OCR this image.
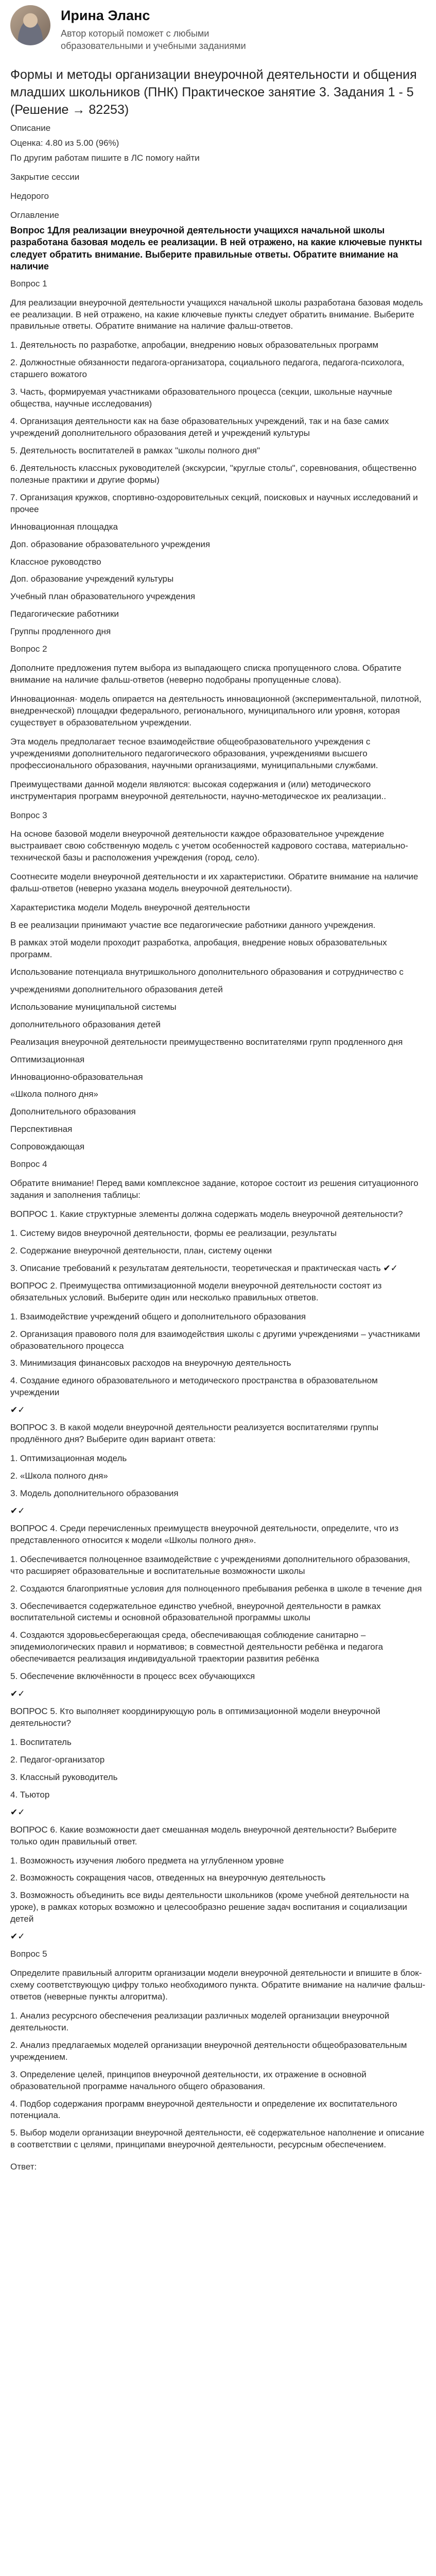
Ирина Эланс
Автор который поможет с любыми образовательными и учебными заданиями
Формы и методы организации внеурочной деятельности и общения младших школьников (ПНК) Практическое занятие 3. Задания 1 - 5 (Решение → 82253)

Описание

Оценка: 4.80 из 5.00 (96%)

По другим работам пишите в ЛС помогу найти

Закрытие сессии

Недорого

Оглавление

Вопрос 1Для реализации внеурочной деятельности учащихся начальной школы разработана базовая модель ее реализации. В ней отражено, на какие ключевые пункты следует обратить внимание. Выберите правильные ответы. Обратите внимание на наличие

Вопрос 1

Для реализации внеурочной деятельности учащихся начальной школы разработана базовая модель ее реализации. В ней отражено, на какие ключевые пункты следует обратить внимание. Выберите правильные ответы. Обратите внимание на наличие фальш-ответов.

1. Деятельность по разработке, апробации, внедрению новых образовательных программ

2. Должностные обязанности педагога-организатора, социального педагога, педагога-психолога, старшего вожатого

3. Часть, формируемая участниками образовательного процесса (секции, школьные научные общества, научные исследования)

4. Организация деятельности как на базе образовательных учреждений, так и на базе самих учреждений дополнительного образования детей и учреждений культуры

5. Деятельность воспитателей в рамках "школы полного дня"

6. Деятельность классных руководителей (экскурсии, "круглые столы", соревнования, общественно полезные практики и другие формы)

7. Организация кружков, спортивно-оздоровительных секций, поисковых и научных исследований и прочее

Инновационная площадка

Доп. образование образовательного учреждения

Классное руководство

Доп. образование учреждений культуры

Учебный план образовательного учреждения

Педагогические работники

Группы продленного дня

Вопрос 2

Дополните предложения путем выбора из выпадающего списка пропущенного слова. Обратите внимание на наличие фальш-ответов (неверно подобраны пропущенные слова).

Инновационная· модель опирается на деятельность инновационной (экспериментальной, пилотной, внедренческой) площадки федерального, регионального, муниципального или уровня, которая существует в образовательном учреждении.

Эта модель предполагает тесное взаимодействие общеобразовательного учреждения с учреждениями дополнительного педагогического образования, учреждениями высшего профессионального образования, научными организациями, муниципальными службами.

Преимуществами данной модели являются: высокая содержания и (или) методического инструментария программ внеурочной деятельности, научно-методическое их реализации..

Вопрос 3

На основе базовой модели внеурочной деятельности каждое образовательное учреждение выстраивает свою собственную модель с учетом особенностей кадрового состава, материально-технической базы и расположения учреждения (город, село).

Соотнесите модели внеурочной деятельности и их характеристики. Обратите внимание на наличие фальш-ответов (неверно указана модель внеурочной деятельности).

Характеристика модели Модель внеурочной деятельности

В ее реализации принимают участие все педагогические работники данного учреждения.

В рамках этой модели проходит разработка, апробация, внедрение новых образовательных программ.

Использование потенциала внутришкольного дополнительного образования и сотрудничество с

учреждениями дополнительного образования детей

Использование муниципальной системы

дополнительного образования детей

Реализация внеурочной деятельности преимущественно воспитателями групп продленного дня

Оптимизационная

Инновационно-образовательная

«Школа полного дня»

Дополнительного образования

Перспективная

Сопровождающая

Вопрос 4

Обратите внимание! Перед вами комплексное задание, которое состоит из решения ситуационного задания и заполнения таблицы:

ВОПРОС 1. Какие структурные элементы должна содержать модель внеурочной деятельности?

1. Систему видов внеурочной деятельности, формы ее реализации, результаты

2. Содержание внеурочной деятельности, план, систему оценки

3. Описание требований к результатам деятельности, теоретическая и практическая часть ✔✓

ВОПРОС 2. Преимущества оптимизационной модели внеурочной деятельности состоят из обязательных условий. Выберите один или несколько правильных ответов.

1. Взаимодействие учреждений общего и дополнительного образования

2. Организация правового поля для взаимодействия школы с другими учреждениями – участниками образовательного процесса

3. Минимизация финансовых расходов на внеурочную деятельность

4. Создание единого образовательного и методического пространства в образовательном учреждении

✔✓

ВОПРОС 3. В какой модели внеурочной деятельности реализуется воспитателями группы продлённого дня? Выберите один вариант ответа:

1. Оптимизационная модель

2. «Школа полного дня»

3. Модель дополнительного образования

✔✓

ВОПРОС 4. Среди перечисленных преимуществ внеурочной деятельности, определите, что из представленного относится к модели «Школы полного дня».

1. Обеспечивается полноценное взаимодействие с учреждениями дополнительного образования, что расширяет образовательные и воспитательные возможности школы

2. Создаются благоприятные условия для полноценного пребывания ребенка в школе в течение дня

3. Обеспечивается содержательное единство учебной, внеурочной деятельности в рамках воспитательной системы и основной образовательной программы школы

4. Создаются здоровьесберегающая среда, обеспечивающая соблюдение санитарно – эпидемиологических правил и нормативов; в совместной деятельности ребёнка и педагога обеспечивается реализация индивидуальной траектории развития ребёнка

5. Обеспечение включённости в процесс всех обучающихся

✔✓

ВОПРОС 5. Кто выполняет координирующую роль в оптимизационной модели внеурочной деятельности?

1. Воспитатель

2. Педагог-организатор

3. Классный руководитель

4. Тьютор

✔✓

ВОПРОС 6. Какие возможности дает смешанная модель внеурочной деятельности? Выберите только один правильный ответ.

1. Возможность изучения любого предмета на углубленном уровне

2. Возможность сокращения часов, отведенных на внеурочную деятельность

3. Возможность объединить все виды деятельности школьников (кроме учебной деятельности на уроке), в рамках которых возможно и целесообразно решение задач воспитания и социализации детей

✔✓

Вопрос 5

Определите правильный алгоритм организации модели внеурочной деятельности и впишите в блок-схему соответствующую цифру только необходимого пункта. Обратите внимание на наличие фальш-ответов (неверные пункты алгоритма).

1. Анализ ресурсного обеспечения реализации различных моделей организации внеурочной деятельности.

2. Анализ предлагаемых моделей организации внеурочной деятельности общеобразовательным учреждением.

3. Определение целей, принципов внеурочной деятельности, их отражение в основной образовательной программе начального общего образования.

4. Подбор содержания программ внеурочной деятельности и определение их воспитательного потенциала.

5. Выбор модели организации внеурочной деятельности, её содержательное наполнение и описание в соответствии с целями, принципами внеурочной деятельности, ресурсным обеспечением.

Ответ:
